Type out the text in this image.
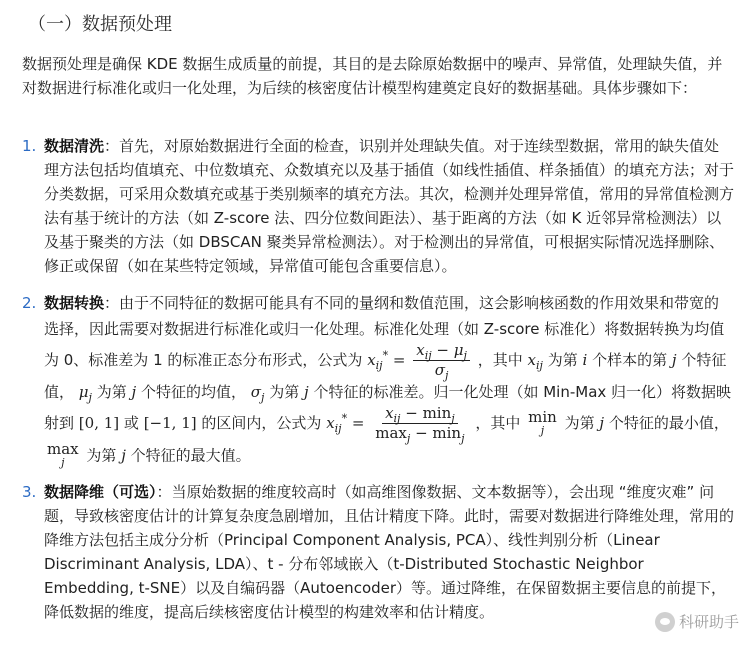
（一）数据预处理

数据预处理是确保 KDE 数据生成质量的前提，其目的是去除原始数据中的噪声、异常值，处理缺失值，并对数据进行标准化或归一化处理，为后续的核密度估计模型构建奠定良好的数据基础。具体步骤如下：

1. 数据清洗：首先，对原始数据进行全面的检查，识别并处理缺失值。对于连续型数据，常用的缺失值处理方法包括均值填充、中位数填充、众数填充以及基于插值（如线性插值、样条插值）的填充方法；对于分类数据，可采用众数填充或基于类别频率的填充方法。其次，检测并处理异常值，常用的异常值检测方法有基于统计的方法（如 Z-score 法、四分位数间距法）、基于距离的方法（如 K 近邻异常检测法）以及基于聚类的方法（如 DBSCAN 聚类异常检测法）。对于检测出的异常值，可根据实际情况选择删除、修正或保留（如在某些特定领域，异常值可能包含重要信息）。
2. 数据转换：由于不同特征的数据可能具有不同的量纲和数值范围，这会影响核函数的作用效果和带宽的选择，因此需要对数据进行标准化或归一化处理。标准化处理（如 Z-score 标准化）将数据转换为均值为 0、标准差为 1 的标准正态分布形式，公式为 $x_{ij}^* = \frac{x_{ij} - \mu_j}{\sigma_j}$ ，其中 $x_{ij}$ 为第 i 个样本的第 j 个特征值， $\mu_j$ 为第 j 个特征的均值， $\sigma_j$ 为第 j 个特征的标准差。归一化处理（如 Min-Max 归一化）将数据映射到 [0, 1] 或 [−1, 1] 的区间内，公式为 $x_{ij}^* = \frac{x_{ij} - \min_j}{\max_j - \min_j}$ ，其中 min
j 为第 j 个特征的最小值，
max
j 为第 j 个特征的最大值。
3. 数据降维（可选）：当原始数据的维度较高时（如高维图像数据、文本数据等），会出现 “维度灾难” 问题，导致核密度估计的计算复杂度急剧增加，且估计精度下降。此时，需要对数据进行降维处理，常用的降维方法包括主成分分析（Principal Component Analysis, PCA）、线性判别分析（Linear Discriminant Analysis, LDA）、t - 分布邻域嵌入（t-Distributed Stochastic Neighbor Embedding, t-SNE）以及自编码器（Autoencoder）等。通过降维，在保留数据主要信息的前提下，降低数据的维度，提高后续核密度估计模型的构建效率和估计精度。
科研助手
